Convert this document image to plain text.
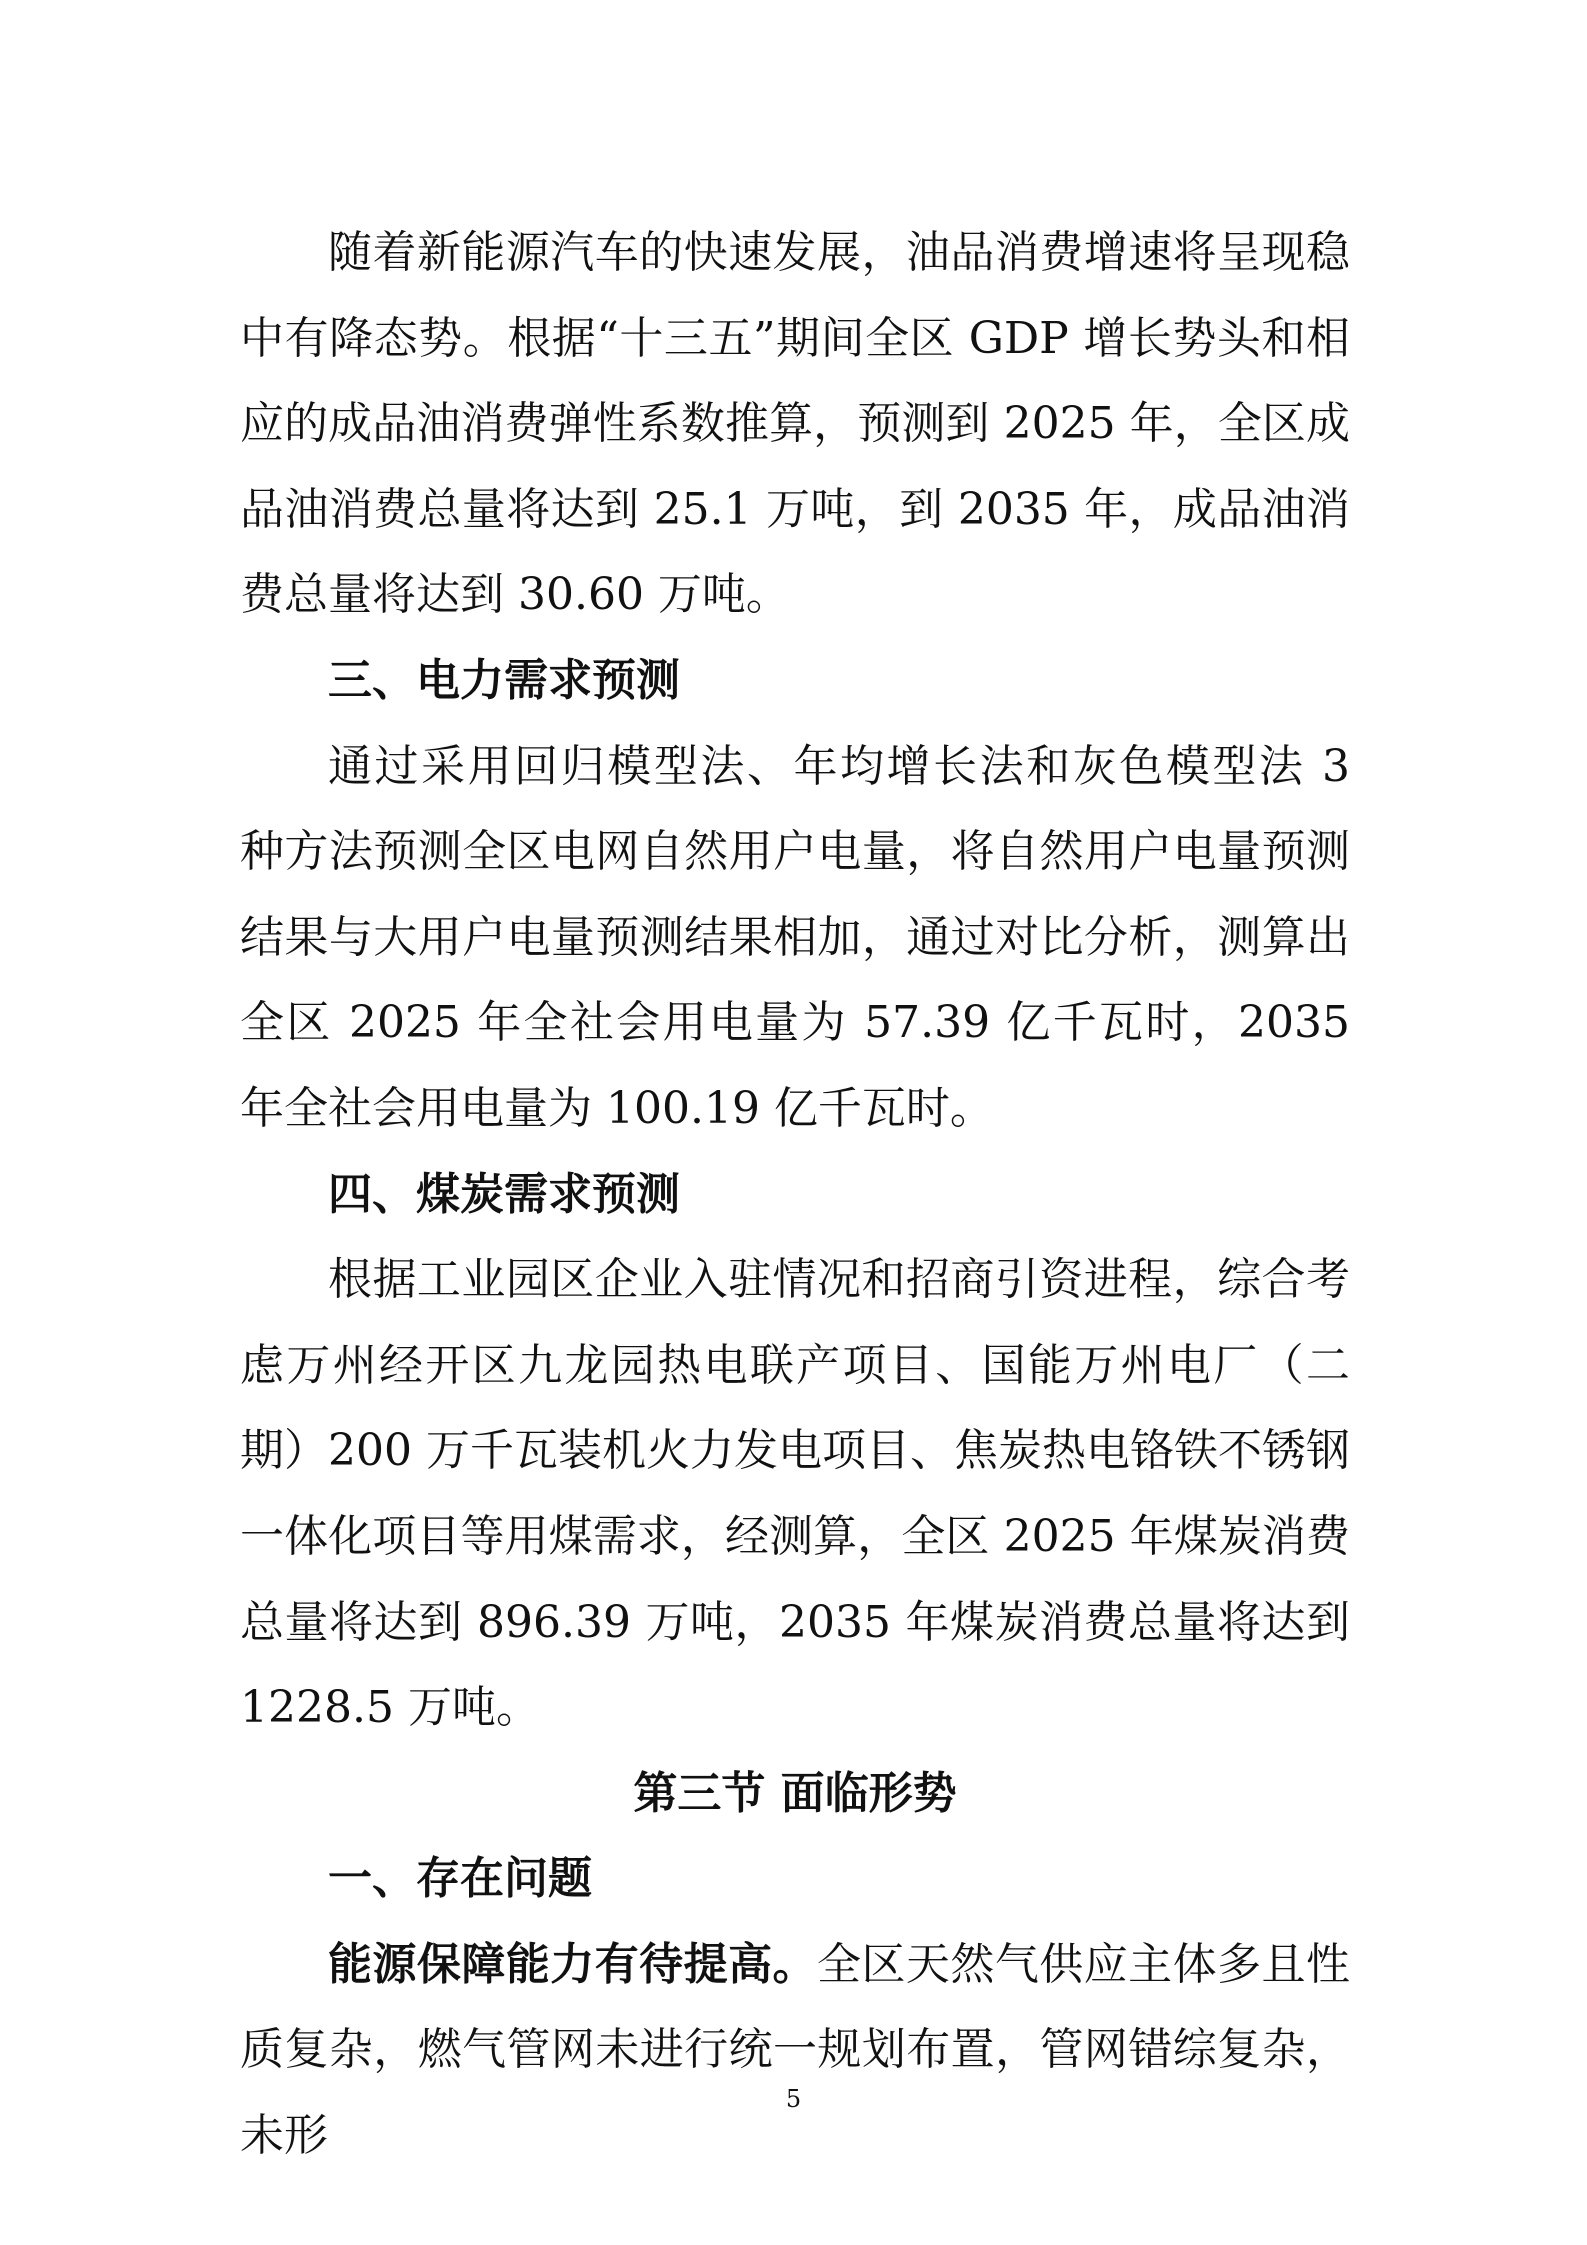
随着新能源汽车的快速发展，油品消费增速将呈现稳中有降态势。根据“十三五”期间全区 GDP 增长势头和相应的成品油消费弹性系数推算，预测到 2025 年，全区成品油消费总量将达到 25.1 万吨，到 2035 年，成品油消费总量将达到 30.60 万吨。

三、电力需求预测

通过采用回归模型法、年均增长法和灰色模型法 3 种方法预测全区电网自然用户电量，将自然用户电量预测结果与大用户电量预测结果相加，通过对比分析，测算出全区 2025 年全社会用电量为 57.39 亿千瓦时，2035 年全社会用电量为 100.19 亿千瓦时。

四、煤炭需求预测

根据工业园区企业入驻情况和招商引资进程，综合考虑万州经开区九龙园热电联产项目、国能万州电厂（二期）200 万千瓦装机火力发电项目、焦炭热电铬铁不锈钢一体化项目等用煤需求，经测算，全区 2025 年煤炭消费总量将达到 896.39 万吨，2035 年煤炭消费总量将达到 1228.5 万吨。

第三节 面临形势

一、存在问题

能源保障能力有待提高。全区天然气供应主体多且性质复杂，燃气管网未进行统一规划布置，管网错综复杂，未形

5
